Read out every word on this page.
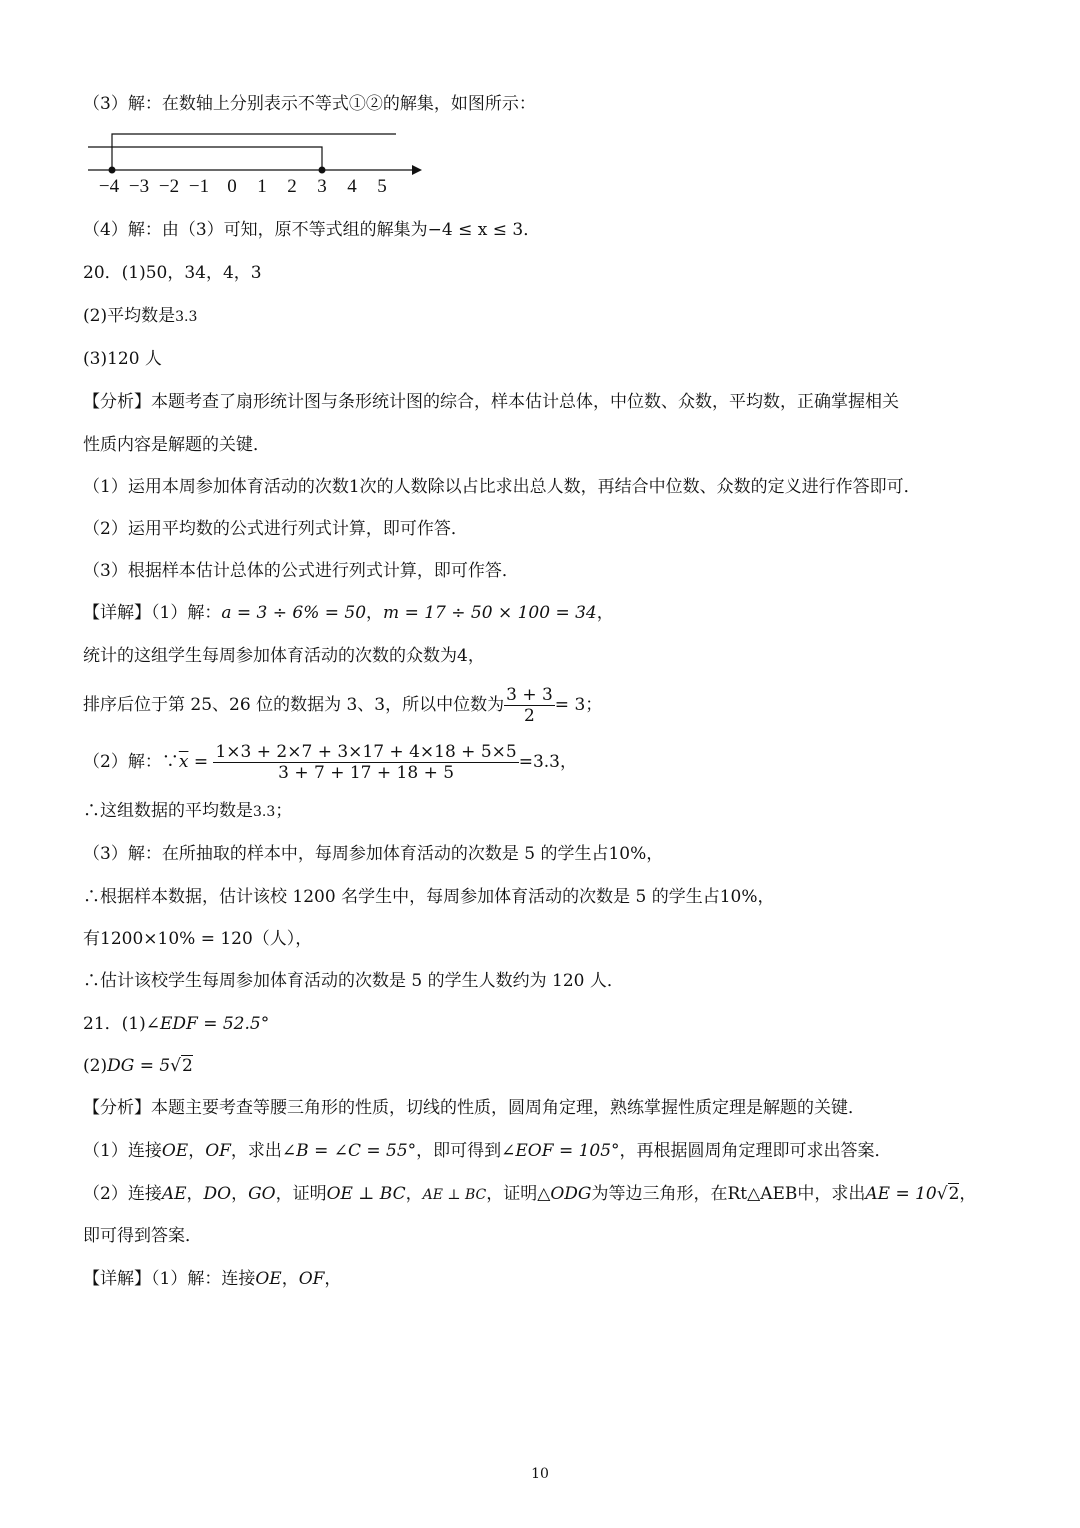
（3）解：在数轴上分别表示不等式①②的解集，如图所示：
−4 −3 −2 −1 0 1 2 3 4 5
（4）解：由（3）可知，原不等式组的解集为−4 ≤ x ≤ 3．
20．(1)50，34，4，3
(2)平均数是3.3
(3)120 人
【分析】本题考查了扇形统计图与条形统计图的综合，样本估计总体，中位数、众数，平均数，正确掌握相关
性质内容是解题的关键．
（1）运用本周参加体育活动的次数1次的人数除以占比求出总人数，再结合中位数、众数的定义进行作答即可．
（2）运用平均数的公式进行列式计算，即可作答．
（3）根据样本估计总体的公式进行列式计算，即可作答．
【详解】（1）解：a = 3 ÷ 6% = 50，m = 17 ÷ 50 × 100 = 34，
统计的这组学生每周参加体育活动的次数的众数为4，
排序后位于第 25、26 位的数据为 3、3，所以中位数为 $\frac{3 + 3}{2} = 3$；
（2）解：$\because\overline{x} = \frac{1\times 3 + 2\times 7 + 3\times 17 + 4\times 18 + 5\times 5}{3 + 7 + 17 + 18 + 5} =3.3$，
∴这组数据的平均数是3.3；
（3）解：在所抽取的样本中，每周参加体育活动的次数是 5 的学生占10%，
∴根据样本数据，估计该校 1200 名学生中，每周参加体育活动的次数是 5 的学生占10%，
有1200×10% = 120（人），
∴估计该校学生每周参加体育活动的次数是 5 的学生人数约为 120 人．
21．(1)∠EDF = 52.5°
(2)DG = 5√2
【分析】本题主要考查等腰三角形的性质，切线的性质，圆周角定理，熟练掌握性质定理是解题的关键．
（1）连接OE，OF，求出∠B = ∠C = 55°，即可得到∠EOF = 105°，再根据圆周角定理即可求出答案．
（2）连接AE，DO，GO，证明OE ⊥ BC，AE ⊥ BC，证明△ODG为等边三角形，在Rt△AEB中，求出AE = 10√2，
即可得到答案．
【详解】（1）解：连接OE，OF，
10
